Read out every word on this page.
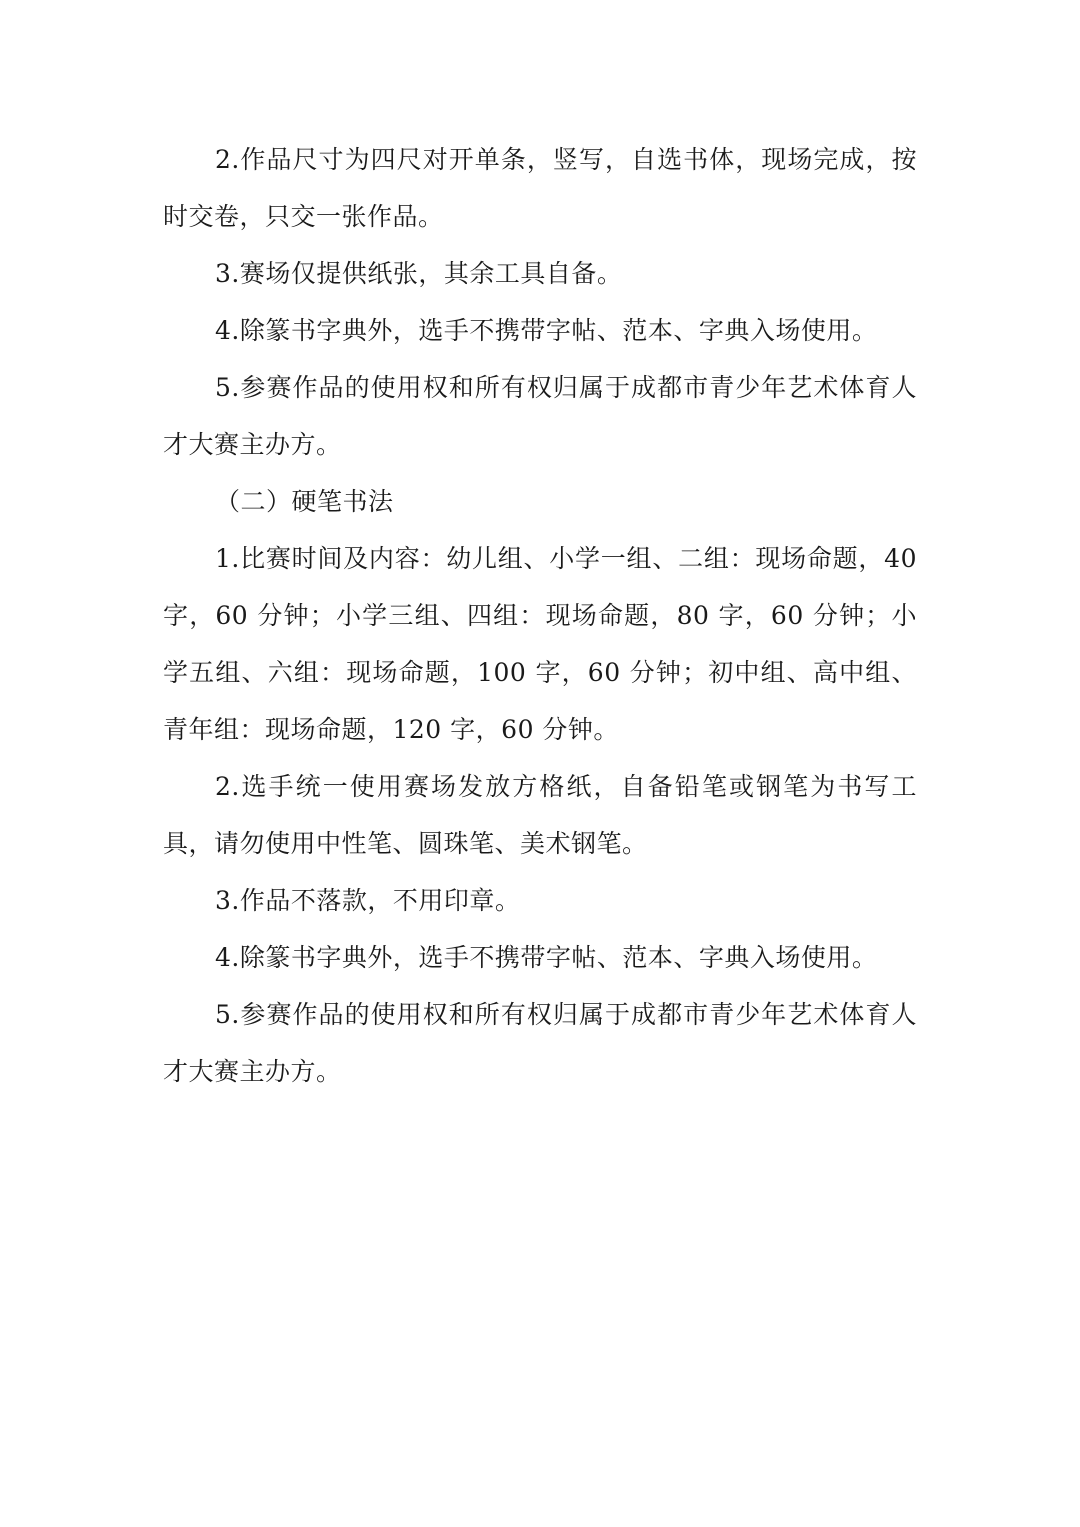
2.作品尺寸为四尺对开单条，竖写，自选书体，现场完成，按时交卷，只交一张作品。

3.赛场仅提供纸张，其余工具自备。

4.除篆书字典外，选手不携带字帖、范本、字典入场使用。

5.参赛作品的使用权和所有权归属于成都市青少年艺术体育人才大赛主办方。

（二）硬笔书法

1.比赛时间及内容：幼儿组、小学一组、二组：现场命题，40 字，60 分钟；小学三组、四组：现场命题，80 字，60 分钟；小学五组、六组：现场命题，100 字，60 分钟；初中组、高中组、青年组：现场命题，120 字，60 分钟。

2.选手统一使用赛场发放方格纸，自备铅笔或钢笔为书写工具，请勿使用中性笔、圆珠笔、美术钢笔。

3.作品不落款，不用印章。

4.除篆书字典外，选手不携带字帖、范本、字典入场使用。

5.参赛作品的使用权和所有权归属于成都市青少年艺术体育人才大赛主办方。
